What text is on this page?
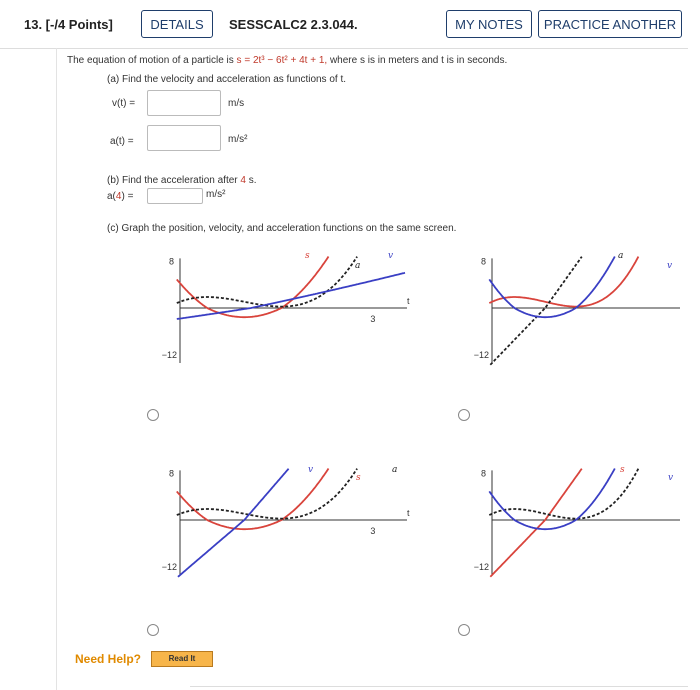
13. [-/4 Points]	DETAILS	SESSCALC2 2.3.044.	MY NOTES	PRACTICE ANOTHER
The equation of motion of a particle is s = 2t³ − 6t² + 4t + 1, where s is in meters and t is in seconds.
(a) Find the velocity and acceleration as functions of t.
v(t) =	m/s
a(t) =	m/s²
(b) Find the acceleration after 4 s.
a(4) =	m/s²
(c) Graph the position, velocity, and acceleration functions on the same screen.
8
−12
3
t
s
a
v
8
−12
a
v
8
−12
3
t
s
a
v	8
−12
s
v
Need Help?	Read It
